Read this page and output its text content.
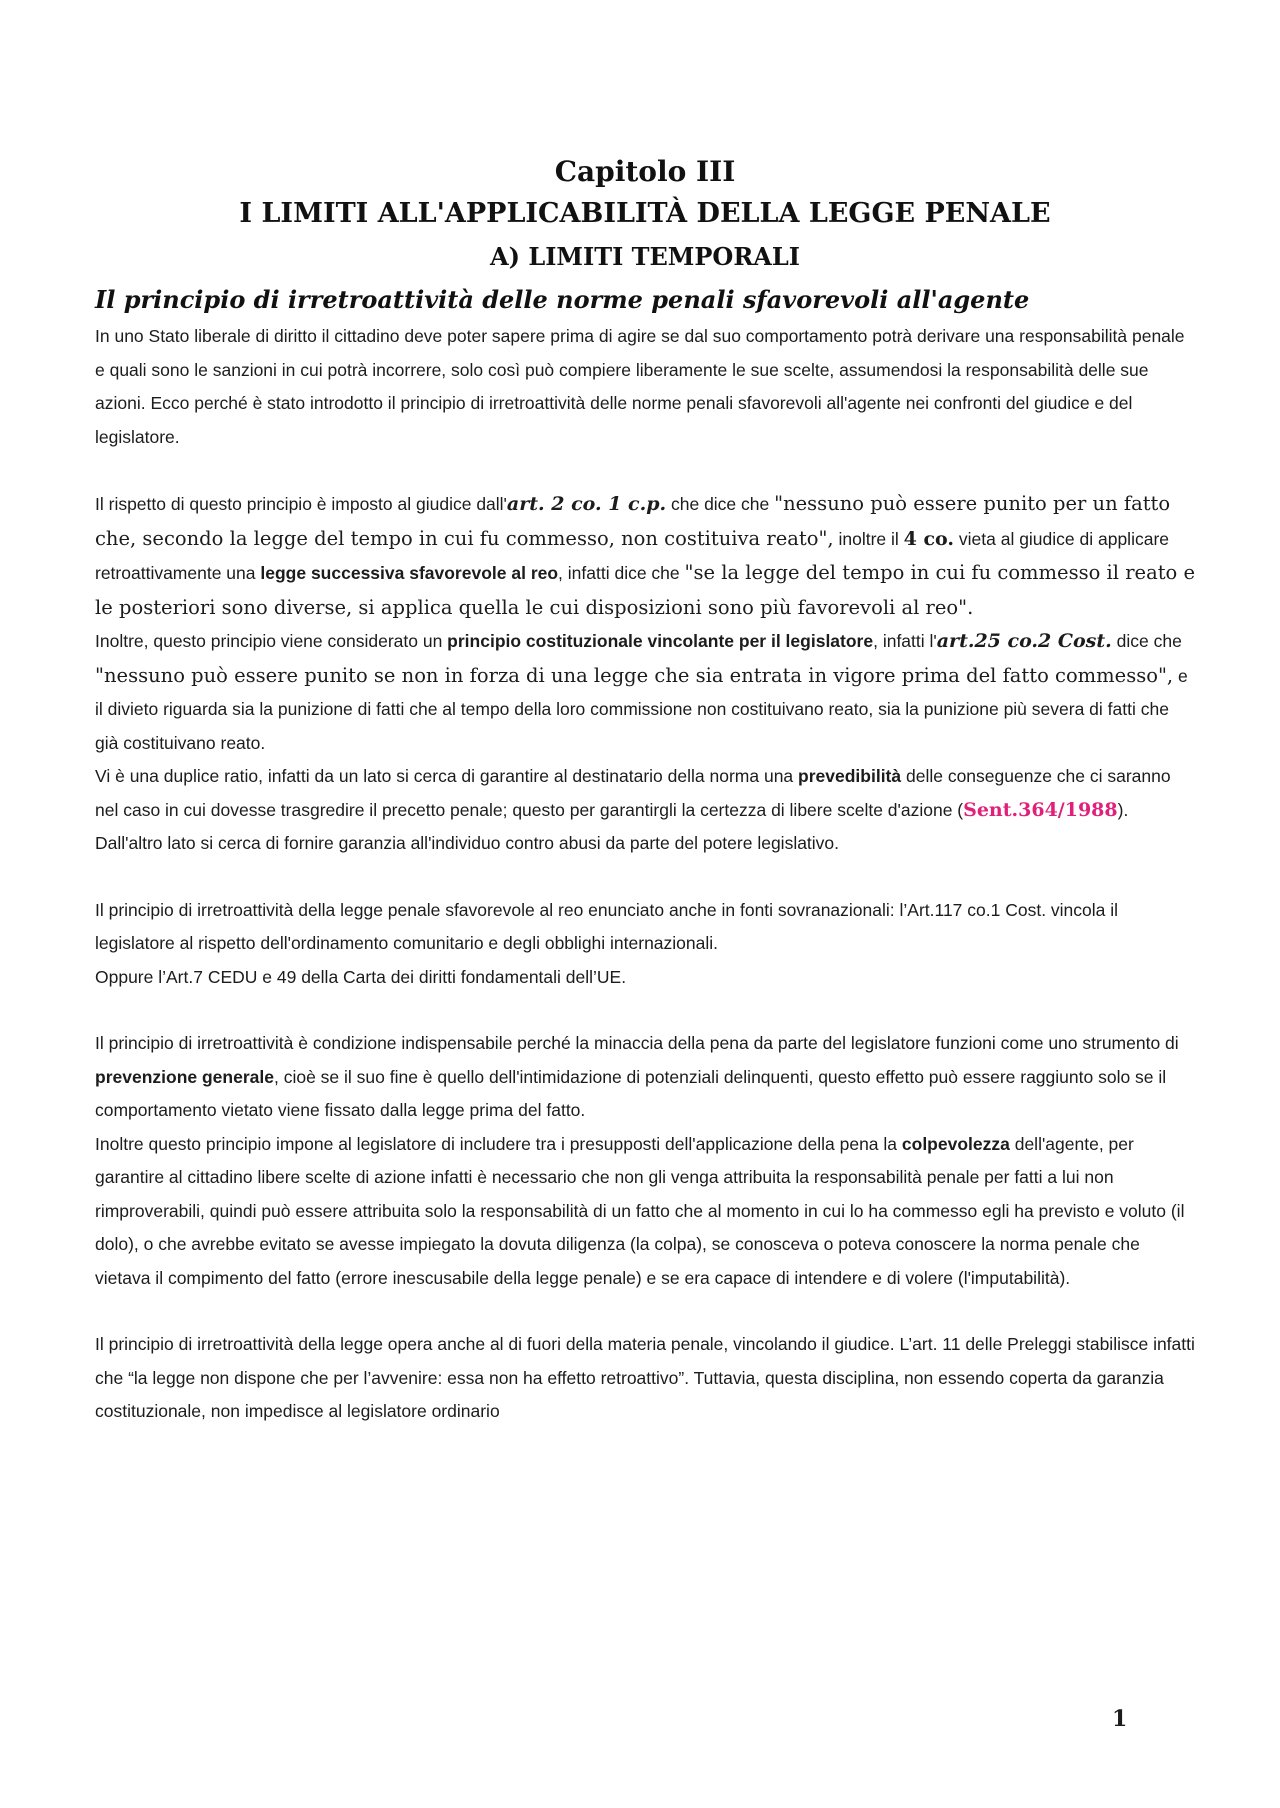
Capitolo III
I LIMITI ALL'APPLICABILITÀ DELLA LEGGE PENALE
A) LIMITI TEMPORALI
Il principio di irretroattività delle norme penali sfavorevoli all'agente

In uno Stato liberale di diritto il cittadino deve poter sapere prima di agire se dal suo comportamento potrà derivare una responsabilità penale e quali sono le sanzioni in cui potrà incorrere, solo così può compiere liberamente le sue scelte, assumendosi la responsabilità delle sue azioni. Ecco perché è stato introdotto il principio di irretroattività delle norme penali sfavorevoli all'agente nei confronti del giudice e del legislatore.

Il rispetto di questo principio è imposto al giudice dall'art. 2 co. 1 c.p. che dice che "nessuno può essere punito per un fatto che, secondo la legge del tempo in cui fu commesso, non costituiva reato", inoltre il 4 co. vieta al giudice di applicare retroattivamente una legge successiva sfavorevole al reo, infatti dice che "se la legge del tempo in cui fu commesso il reato e le posteriori sono diverse, si applica quella le cui disposizioni sono più favorevoli al reo".

Inoltre, questo principio viene considerato un principio costituzionale vincolante per il legislatore, infatti l'art.25 co.2 Cost. dice che "nessuno può essere punito se non in forza di una legge che sia entrata in vigore prima del fatto commesso", e il divieto riguarda sia la punizione di fatti che al tempo della loro commissione non costituivano reato, sia la punizione più severa di fatti che già costituivano reato.

Vi è una duplice ratio, infatti da un lato si cerca di garantire al destinatario della norma una prevedibilità delle conseguenze che ci saranno nel caso in cui dovesse trasgredire il precetto penale; questo per garantirgli la certezza di libere scelte d'azione (Sent.364/1988). Dall'altro lato si cerca di fornire garanzia all'individuo contro abusi da parte del potere legislativo.

Il principio di irretroattività della legge penale sfavorevole al reo enunciato anche in fonti sovranazionali: l’Art.117 co.1 Cost. vincola il legislatore al rispetto dell'ordinamento comunitario e degli obblighi internazionali.

Oppure l’Art.7 CEDU e 49 della Carta dei diritti fondamentali dell’UE.

Il principio di irretroattività è condizione indispensabile perché la minaccia della pena da parte del legislatore funzioni come uno strumento di prevenzione generale, cioè se il suo fine è quello dell'intimidazione di potenziali delinquenti, questo effetto può essere raggiunto solo se il comportamento vietato viene fissato dalla legge prima del fatto.

Inoltre questo principio impone al legislatore di includere tra i presupposti dell'applicazione della pena la colpevolezza dell'agente, per garantire al cittadino libere scelte di azione infatti è necessario che non gli venga attribuita la responsabilità penale per fatti a lui non rimproverabili, quindi può essere attribuita solo la responsabilità di un fatto che al momento in cui lo ha commesso egli ha previsto e voluto (il dolo), o che avrebbe evitato se avesse impiegato la dovuta diligenza (la colpa), se conosceva o poteva conoscere la norma penale che vietava il compimento del fatto (errore inescusabile della legge penale) e se era capace di intendere e di volere (l'imputabilità).

Il principio di irretroattività della legge opera anche al di fuori della materia penale, vincolando il giudice. L’art. 11 delle Preleggi stabilisce infatti che “la legge non dispone che per l’avvenire: essa non ha effetto retroattivo”. Tuttavia, questa disciplina, non essendo coperta da garanzia costituzionale, non impedisce al legislatore ordinario

1
